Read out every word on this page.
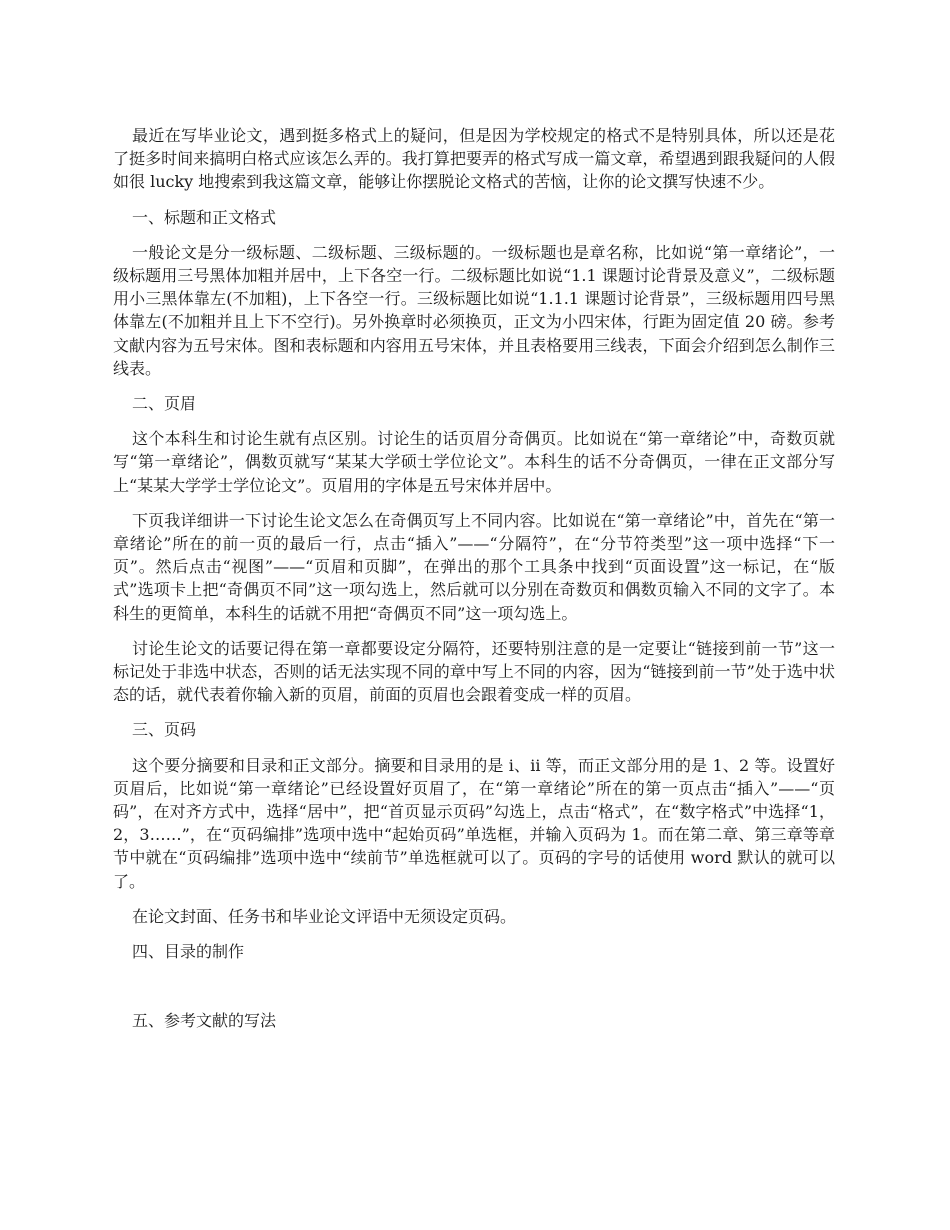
最近在写毕业论文，遇到挺多格式上的疑问，但是因为学校规定的格式不是特别具体，所以还是花了挺多时间来搞明白格式应该怎么弄的。我打算把要弄的格式写成一篇文章，希望遇到跟我疑问的人假如很 lucky 地搜索到我这篇文章，能够让你摆脱论文格式的苦恼，让你的论文撰写快速不少。

一、标题和正文格式

一般论文是分一级标题、二级标题、三级标题的。一级标题也是章名称，比如说“第一章绪论”，一级标题用三号黑体加粗并居中，上下各空一行。二级标题比如说“1.1 课题讨论背景及意义”，二级标题用小三黑体靠左(不加粗)，上下各空一行。三级标题比如说“1.1.1 课题讨论背景”，三级标题用四号黑体靠左(不加粗并且上下不空行)。另外换章时必须换页，正文为小四宋体，行距为固定值 20 磅。参考文献内容为五号宋体。图和表标题和内容用五号宋体，并且表格要用三线表，下面会介绍到怎么制作三线表。

二、页眉

这个本科生和讨论生就有点区别。讨论生的话页眉分奇偶页。比如说在“第一章绪论”中，奇数页就写“第一章绪论”，偶数页就写“某某大学硕士学位论文”。本科生的话不分奇偶页，一律在正文部分写上“某某大学学士学位论文”。页眉用的字体是五号宋体并居中。

下页我详细讲一下讨论生论文怎么在奇偶页写上不同内容。比如说在“第一章绪论”中，首先在“第一章绪论”所在的前一页的最后一行，点击“插入”——“分隔符”，在“分节符类型”这一项中选择“下一页”。然后点击“视图”——“页眉和页脚”，在弹出的那个工具条中找到“页面设置”这一标记，在“版式”选项卡上把“奇偶页不同”这一项勾选上，然后就可以分别在奇数页和偶数页输入不同的文字了。本科生的更简单，本科生的话就不用把“奇偶页不同”这一项勾选上。

讨论生论文的话要记得在第一章都要设定分隔符，还要特别注意的是一定要让“链接到前一节”这一标记处于非选中状态，否则的话无法实现不同的章中写上不同的内容，因为“链接到前一节”处于选中状态的话，就代表着你输入新的页眉，前面的页眉也会跟着变成一样的页眉。

三、页码

这个要分摘要和目录和正文部分。摘要和目录用的是 i、ii 等，而正文部分用的是 1、2 等。设置好页眉后，比如说“第一章绪论”已经设置好页眉了，在“第一章绪论”所在的第一页点击“插入”——“页码”，在对齐方式中，选择“居中”，把“首页显示页码”勾选上，点击“格式”，在“数字格式”中选择“1，2，3……”，在“页码编排”选项中选中“起始页码”单选框，并输入页码为 1。而在第二章、第三章等章节中就在“页码编排”选项中选中“续前节”单选框就可以了。页码的字号的话使用 word 默认的就可以了。

在论文封面、任务书和毕业论文评语中无须设定页码。

四、目录的制作

五、参考文献的写法
